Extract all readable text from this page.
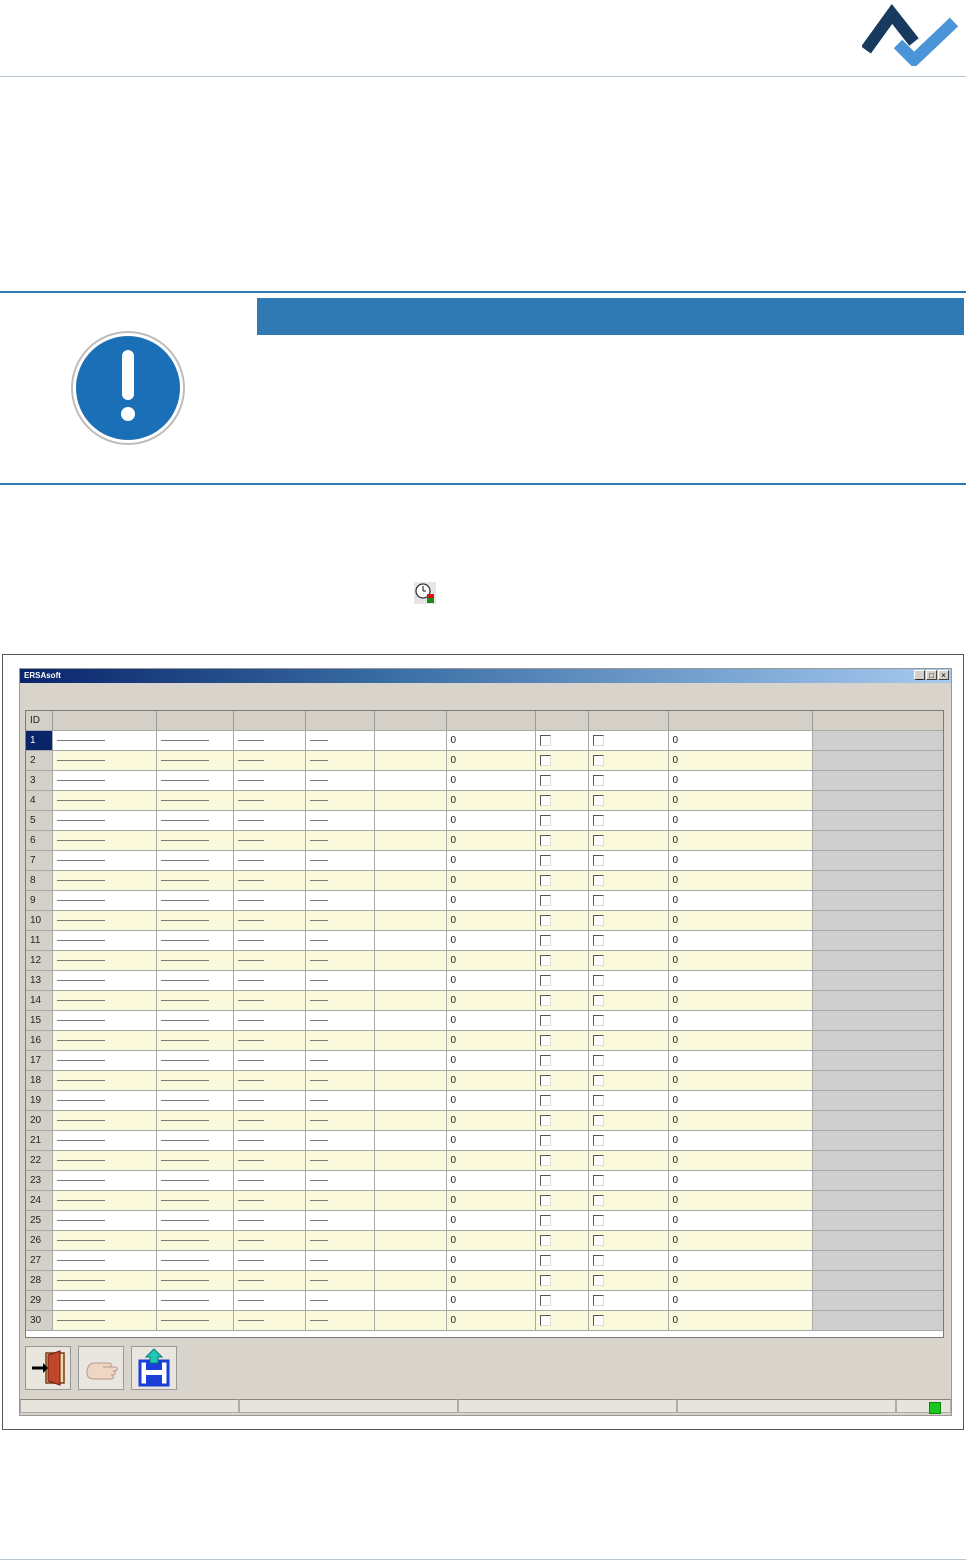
ERSAsoft	_ □ ×
ID										
1						0			0	
2						0			0	
3						0			0	
4						0			0	
5						0			0	
6						0			0	
7						0			0	
8						0			0	
9						0			0	
10						0			0	
11						0			0	
12						0			0	
13						0			0	
14						0			0	
15						0			0	
16						0			0	
17						0			0	
18						0			0	
19						0			0	
20						0			0	
21						0			0	
22						0			0	
23						0			0	
24						0			0	
25						0			0	
26						0			0	
27						0			0	
28						0			0	
29						0			0	
30						0			0	
